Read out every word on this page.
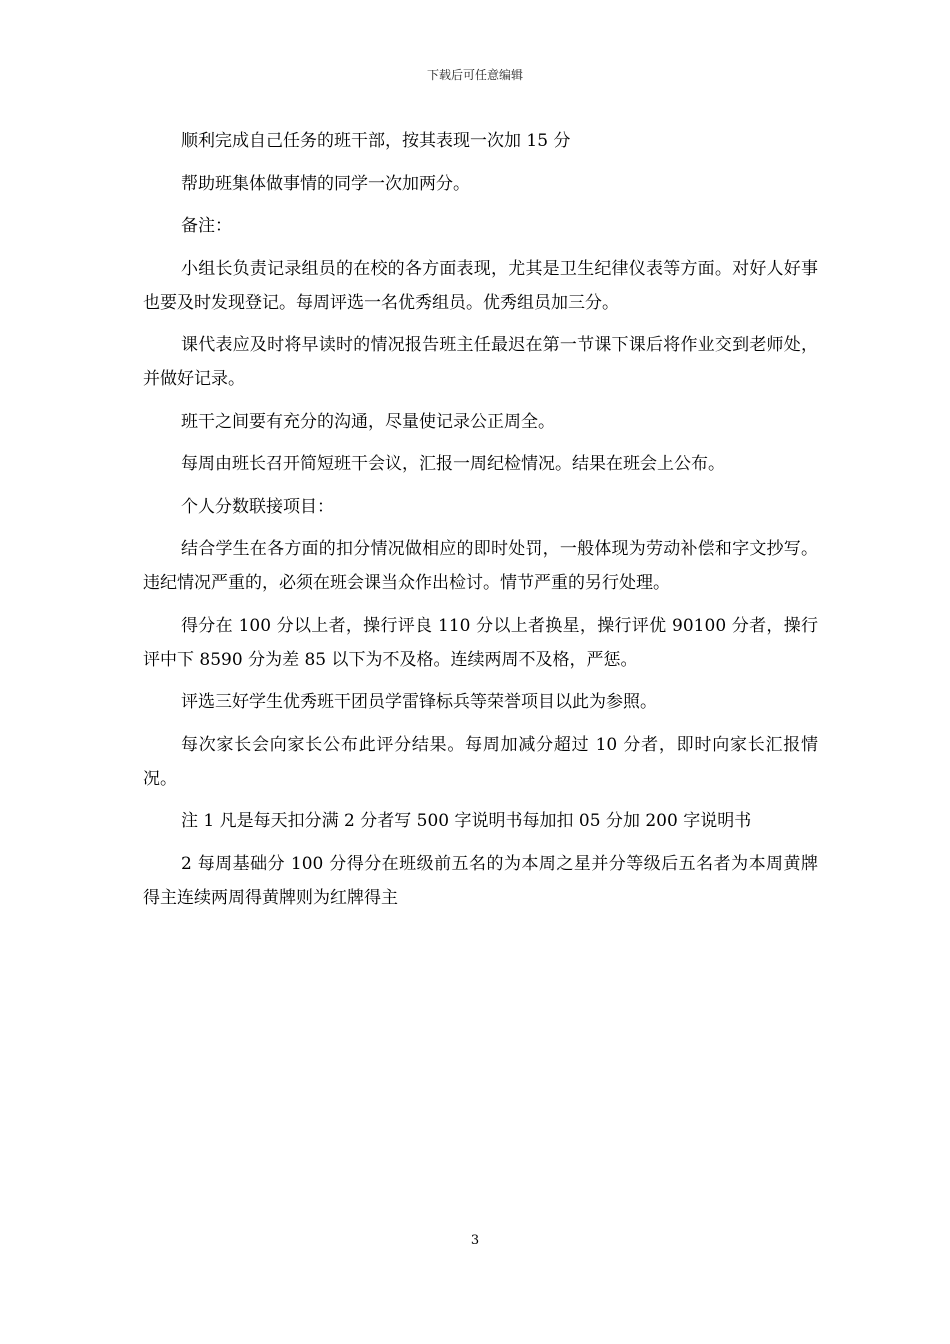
下载后可任意编辑

顺利完成自己任务的班干部，按其表现一次加 15 分

帮助班集体做事情的同学一次加两分。

备注：

小组长负责记录组员的在校的各方面表现，尤其是卫生纪律仪表等方面。对好人好事也要及时发现登记。每周评选一名优秀组员。优秀组员加三分。

课代表应及时将早读时的情况报告班主任最迟在第一节课下课后将作业交到老师处，并做好记录。

班干之间要有充分的沟通，尽量使记录公正周全。

每周由班长召开简短班干会议，汇报一周纪检情况。结果在班会上公布。

个人分数联接项目：

结合学生在各方面的扣分情况做相应的即时处罚，一般体现为劳动补偿和字文抄写。违纪情况严重的，必须在班会课当众作出检讨。情节严重的另行处理。

得分在 100 分以上者，操行评良 110 分以上者换星，操行评优 90100 分者，操行评中下 8590 分为差 85 以下为不及格。连续两周不及格，严惩。

评选三好学生优秀班干团员学雷锋标兵等荣誉项目以此为参照。

每次家长会向家长公布此评分结果。每周加减分超过 10 分者，即时向家长汇报情况。

注 1 凡是每天扣分满 2 分者写 500 字说明书每加扣 05 分加 200 字说明书

2 每周基础分 100 分得分在班级前五名的为本周之星并分等级后五名者为本周黄牌得主连续两周得黄牌则为红牌得主

3
